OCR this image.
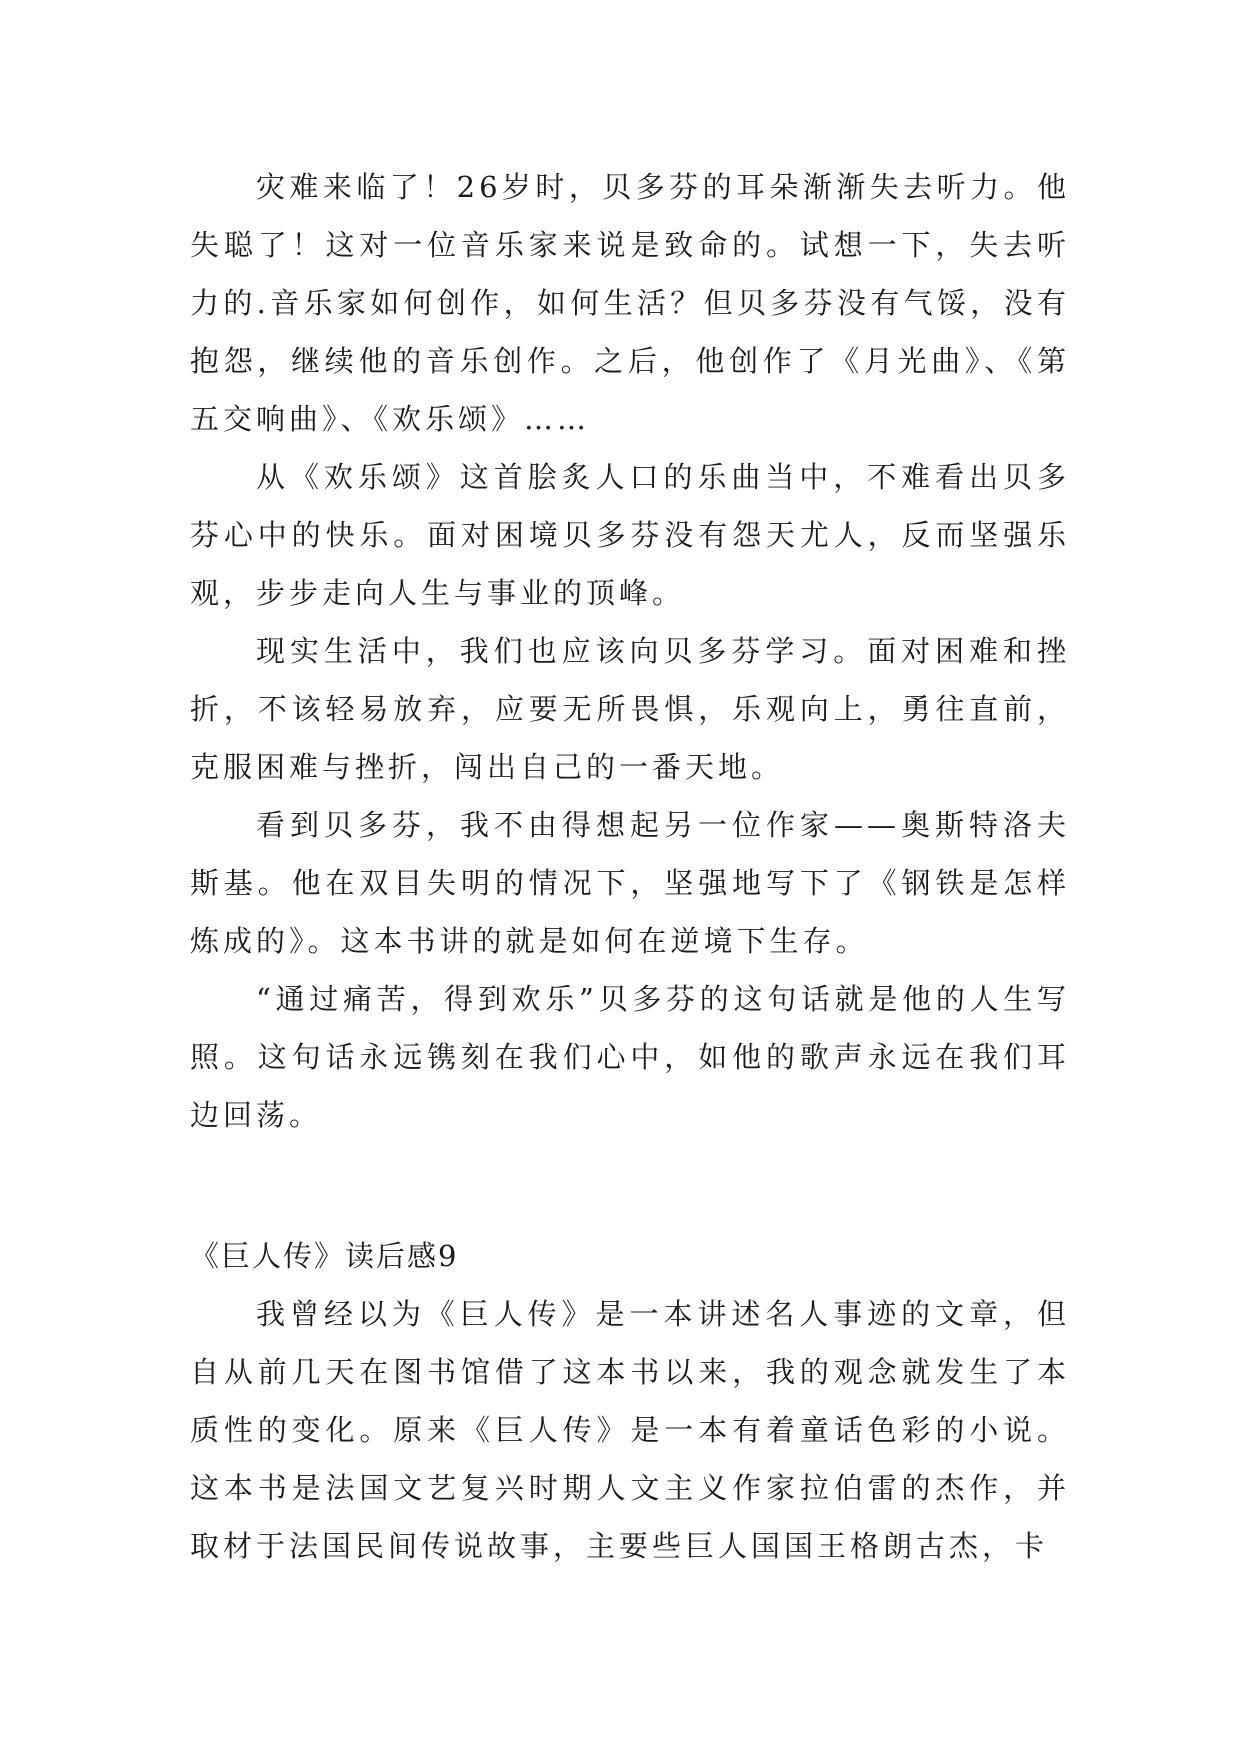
灾难来临了！26岁时，贝多芬的耳朵渐渐失去听力。他失聪了！这对一位音乐家来说是致命的。试想一下，失去听力的.音乐家如何创作，如何生活？但贝多芬没有气馁，没有抱怨，继续他的音乐创作。之后，他创作了《月光曲》、《第五交响曲》、《欢乐颂》……

从《欢乐颂》这首脍炙人口的乐曲当中，不难看出贝多芬心中的快乐。面对困境贝多芬没有怨天尤人，反而坚强乐观，步步走向人生与事业的顶峰。

现实生活中，我们也应该向贝多芬学习。面对困难和挫折，不该轻易放弃，应要无所畏惧，乐观向上，勇往直前，克服困难与挫折，闯出自己的一番天地。

看到贝多芬，我不由得想起另一位作家——奥斯特洛夫斯基。他在双目失明的情况下，坚强地写下了《钢铁是怎样炼成的》。这本书讲的就是如何在逆境下生存。

“通过痛苦，得到欢乐”贝多芬的这句话就是他的人生写照。这句话永远镌刻在我们心中，如他的歌声永远在我们耳边回荡。

《巨人传》读后感9

我曾经以为《巨人传》是一本讲述名人事迹的文章，但自从前几天在图书馆借了这本书以来，我的观念就发生了本质性的变化。原来《巨人传》是一本有着童话色彩的小说。这本书是法国文艺复兴时期人文主义作家拉伯雷的杰作，并取材于法国民间传说故事，主要些巨人国国王格朗古杰，卡
